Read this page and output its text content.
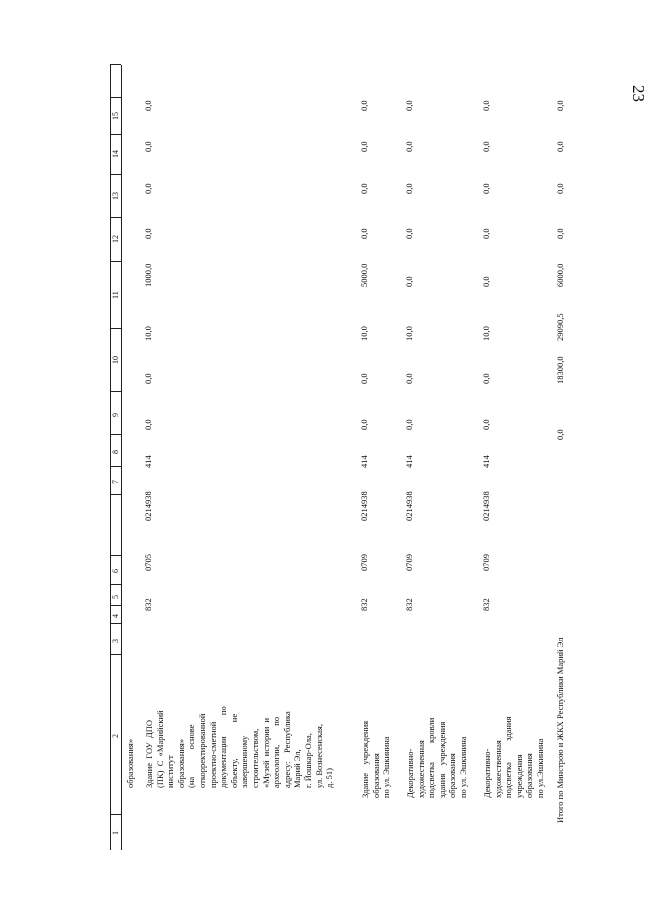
23
1
2
3
4
5
6
7
8
9
10
11
12
13
14
15
образования» Здание  ГОУ  ДПО
(ПК)  С  «Марийский
институт
образования»
(на             основе
откорректированной
проектно-сметной
документации          по
объекту,                 не
завершенному
строительством,
«Музей  истории  и
археологии,         по
адресу:    Республика
Марий Эл,
г. Йошкар-Ола,
ул. Вознесенская,
д. 51)
832
0705
0214938
414
0,0
0,0
10,0
1000,0
0,0
0,0
0,0
0,0
Здание    учреждения
образования
по ул. Эшкинина
832
0709
0214938
414
0,0
0,0
10,0
5000,0
0,0
0,0
0,0
0,0
Декоративно-
художественная
подсветка         кровли
здания    учреждения
образования
по ул. Эшкинина
832
0709
0214938
414
0,0
0,0
10,0
0,0
0,0
0,0
0,0
0,0
Декоративно-
художественная
подсветка          здания
учреждения
образования
по ул.Эшкинина
832
0709
0214938
414
0,0
0,0
10,0
0,0
0,0
0,0
0,0
0,0
Итого по Минстрою и ЖКХ Республики Марий Эл
0,0
18300,0
29090,5
6000,0
0,0
0,0
0,0
0,0
